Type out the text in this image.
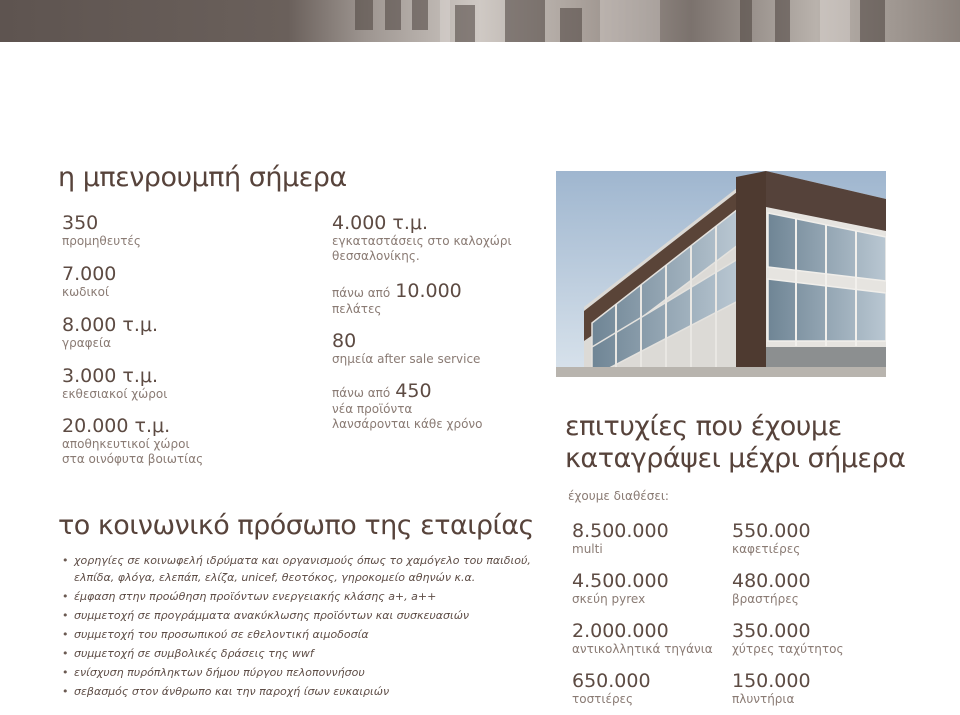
η μπενρουμπή σήμερα
350
προμηθευτές
7.000
κωδικοί
8.000 τ.μ.
γραφεία
3.000 τ.μ.
εκθεσιακοί χώροι
20.000 τ.μ.
αποθηκευτικοί χώροι
στα οινόφυτα βοιωτίας
4.000 τ.μ.
εγκαταστάσεις στο καλοχώρι
θεσσαλονίκης.
πάνω από 10.000
πελάτες
80
σημεία after sale service
πάνω από 450
νέα προϊόντα
λανσάρονται κάθε χρόνο
το κοινωνικό πρόσωπο της εταιρίας
• χορηγίες σε κοινωφελή ιδρύματα και οργανισμούς όπως το χαμόγελο του παιδιού, ελπίδα, φλόγα, ελεπάπ, ελίζα, unicef, θεοτόκος, γηροκομείο αθηνών κ.α.
• έμφαση στην προώθηση προϊόντων ενεργειακής κλάσης a+, a++
• συμμετοχή σε προγράμματα ανακύκλωσης προϊόντων και συσκευασιών
• συμμετοχή του προσωπικού σε εθελοντική αιμοδοσία
• συμμετοχή σε συμβολικές δράσεις της wwf
• ενίσχυση πυρόπληκτων δήμου πύργου πελοποννήσου
• σεβασμός στον άνθρωπο και την παροχή ίσων ευκαιριών
επιτυχίες που έχουμε
καταγράψει μέχρι σήμερα
έχουμε διαθέσει:
8.500.000
multi
4.500.000
σκεύη pyrex
2.000.000
αντικολλητικά τηγάνια
650.000
τοστιέρες
550.000
καφετιέρες
480.000
βραστήρες
350.000
χύτρες ταχύτητος
150.000
πλυντήρια
